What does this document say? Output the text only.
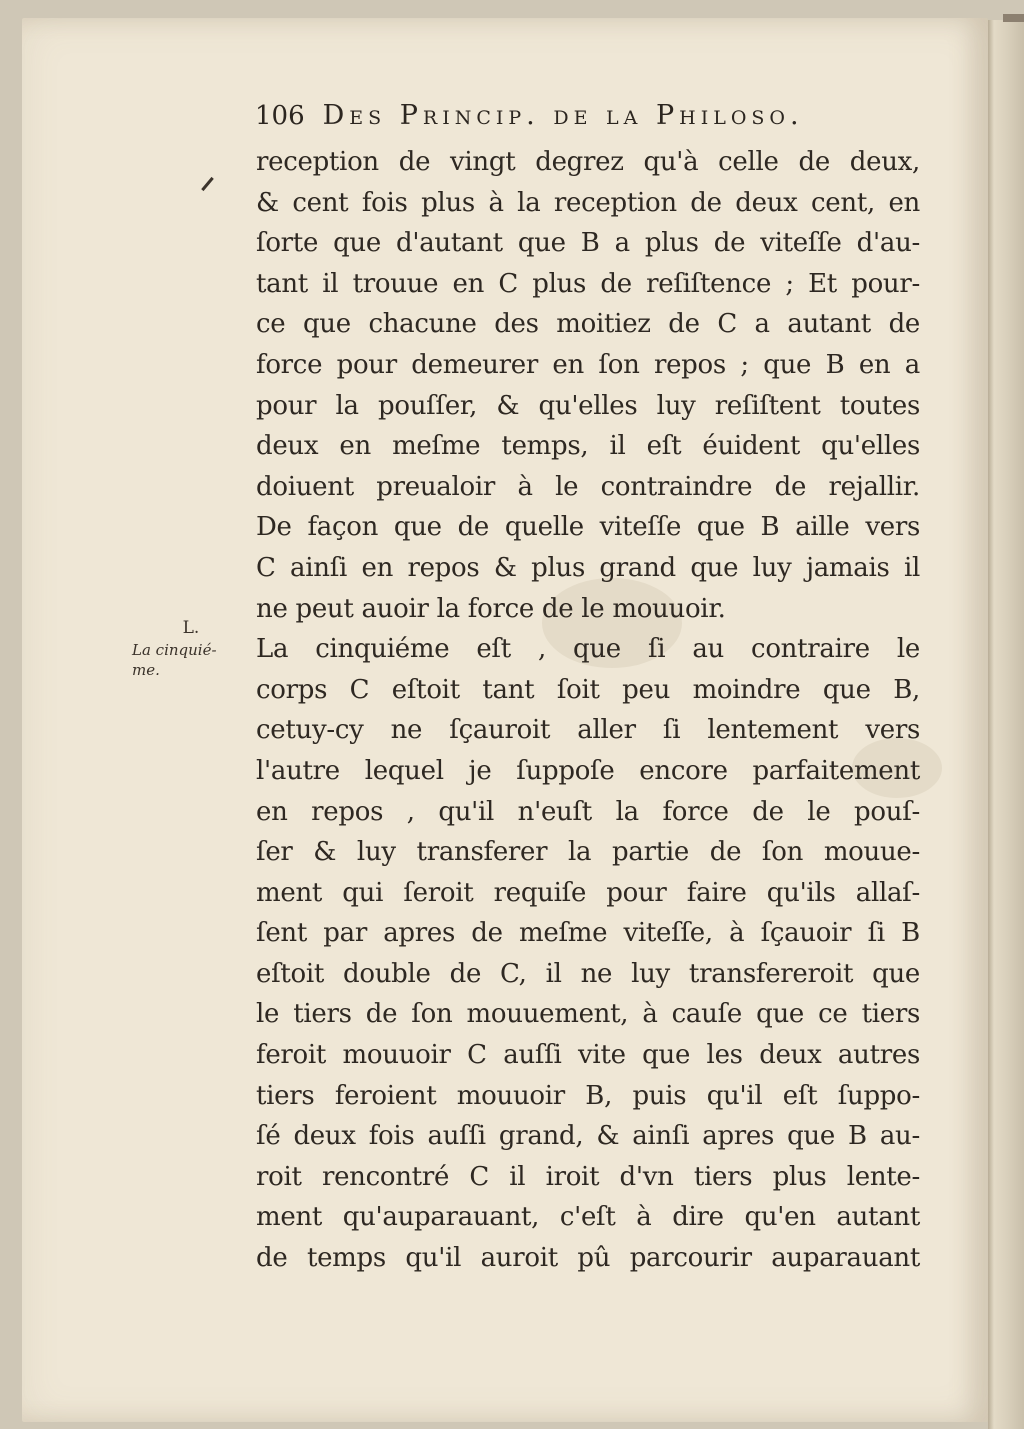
106 Des Princip. de la Philoso.
L.
La cinquié-
me.
reception de vingt degrez qu'à celle de deux,
& cent fois plus à la reception de deux cent, en
ſorte que d'autant que B a plus de viteſſe d'au-
tant il trouue en C plus de reſiſtence ; Et pour-
ce que chacune des moitiez de C a autant de
force pour demeurer en ſon repos ; que B en a
pour la pouſſer, & qu'elles luy reſiſtent toutes
deux en meſme temps, il eſt éuident qu'elles
doiuent preualoir à le contraindre de rejallir.
De façon que de quelle viteſſe que B aille vers
C ainſi en repos & plus grand que luy jamais il
ne peut auoir la force de le mouuoir.
La cinquiéme eſt , que ſi au contraire le
corps C eſtoit tant ſoit peu moindre que B,
cetuy-cy ne ſçauroit aller ſi lentement vers
l'autre lequel je ſuppoſe encore parfaitement
en repos , qu'il n'euſt la force de le pouſ-
ſer & luy transferer la partie de ſon mouue-
ment qui ſeroit requiſe pour faire qu'ils allaſ-
ſent par apres de meſme viteſſe, à ſçauoir ſi B
eſtoit double de C, il ne luy transfereroit que
le tiers de ſon mouuement, à cauſe que ce tiers
feroit mouuoir C auſſi vite que les deux autres
tiers feroient mouuoir B, puis qu'il eſt ſuppo-
ſé deux fois auſſi grand, & ainſi apres que B au-
roit rencontré C il iroit d'vn tiers plus lente-
ment qu'auparauant, c'eſt à dire qu'en autant
de temps qu'il auroit pû parcourir auparauant
